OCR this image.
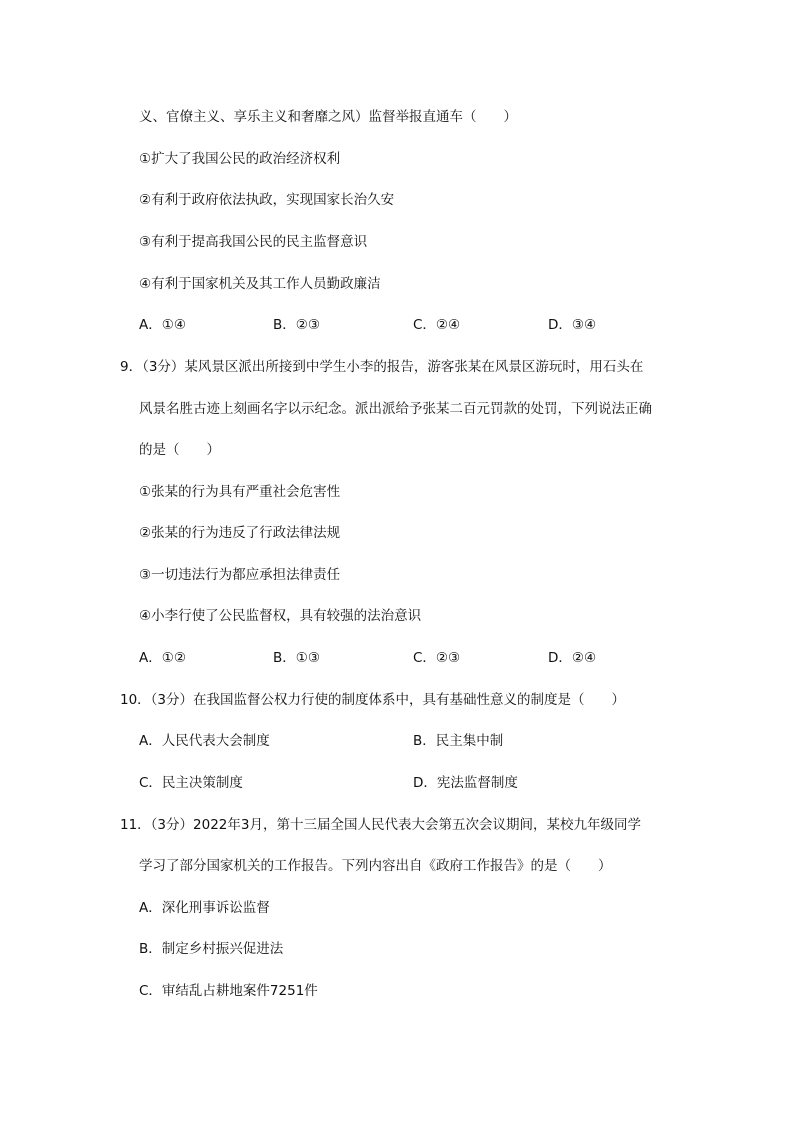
义、官僚主义、享乐主义和奢靡之风）监督举报直通车（　　）
①扩大了我国公民的政治经济权利
②有利于政府依法执政，实现国家长治久安
③有利于提高我国公民的民主监督意识
④有利于国家机关及其工作人员勤政廉洁
A．①④	B．②③	C．②④	D．③④
9．（3分）某风景区派出所接到中学生小李的报告，游客张某在风景区游玩时，用石头在
风景名胜古迹上刻画名字以示纪念。派出派给予张某二百元罚款的处罚，下列说法正确
的是（　　）
①张某的行为具有严重社会危害性
②张某的行为违反了行政法律法规
③一切违法行为都应承担法律责任
④小李行使了公民监督权，具有较强的法治意识
A．①②	B．①③	C．②③	D．②④
10．（3分）在我国监督公权力行使的制度体系中，具有基础性意义的制度是（　　）
A．人民代表大会制度	B．民主集中制
C．民主决策制度	D．宪法监督制度
11．（3分）2022年3月，第十三届全国人民代表大会第五次会议期间，某校九年级同学
学习了部分国家机关的工作报告。下列内容出自《政府工作报告》的是（　　）
A．深化刑事诉讼监督
B．制定乡村振兴促进法
C．审结乱占耕地案件7251件
